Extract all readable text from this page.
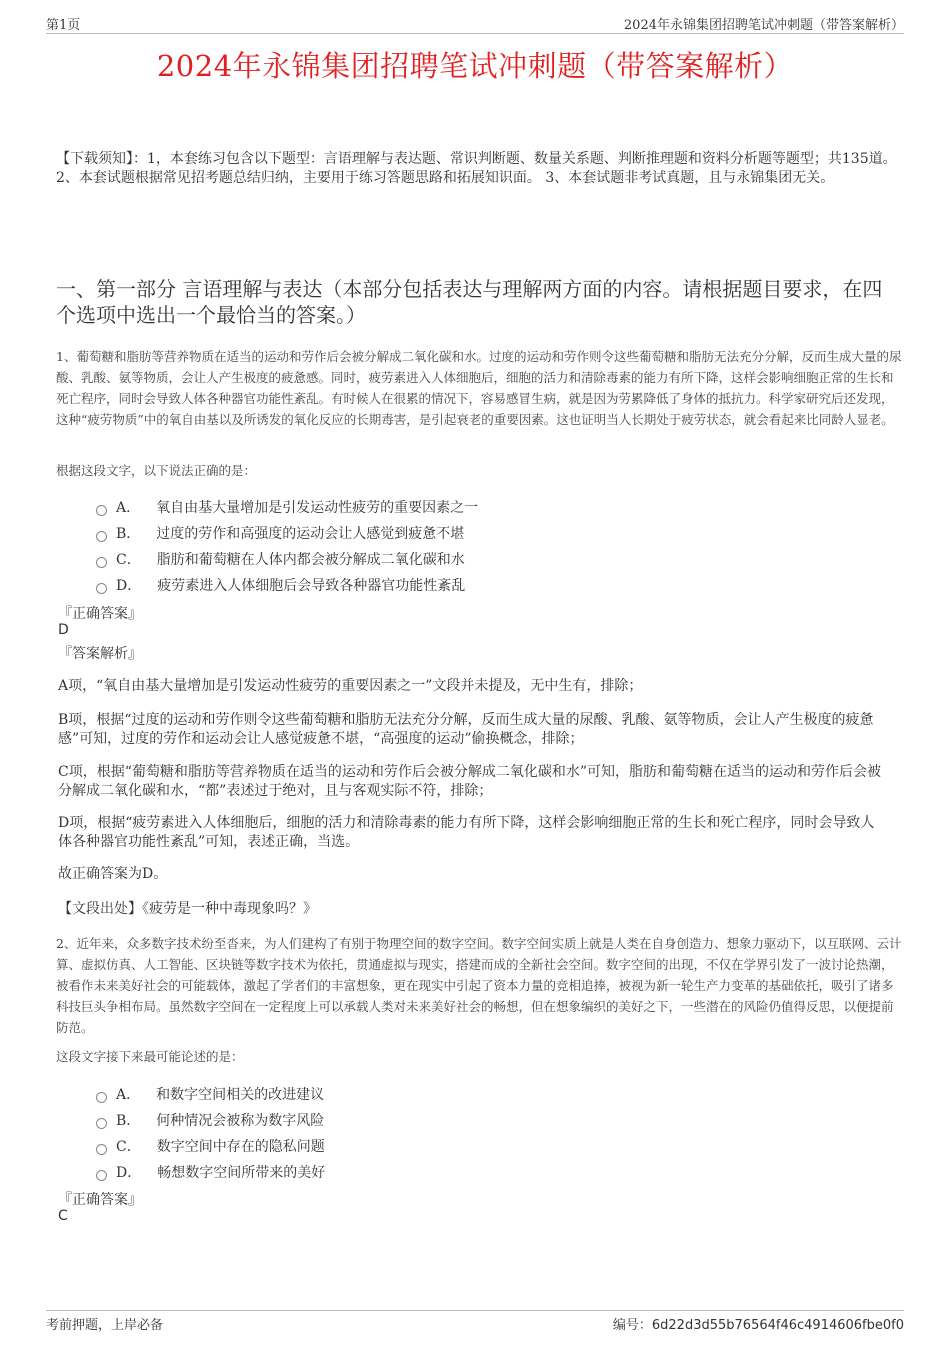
第1页	2024年永锦集团招聘笔试冲刺题（带答案解析）
2024年永锦集团招聘笔试冲刺题（带答案解析）
【下载须知】：1，本套练习包含以下题型：言语理解与表达题、常识判断题、数量关系题、判断推理题和资料分析题等题型；共135道。 2、本套试题根据常见招考题总结归纳，主要用于练习答题思路和拓展知识面。 3、本套试题非考试真题，且与永锦集团无关。
一、第一部分 言语理解与表达（本部分包括表达与理解两方面的内容。请根据题目要求，在四个选项中选出一个最恰当的答案。）
1、葡萄糖和脂肪等营养物质在适当的运动和劳作后会被分解成二氧化碳和水。过度的运动和劳作则令这些葡萄糖和脂肪无法充分分解，反而生成大量的尿酸、乳酸、氨等物质，会让人产生极度的疲惫感。同时，疲劳素进入人体细胞后，细胞的活力和清除毒素的能力有所下降，这样会影响细胞正常的生长和死亡程序，同时会导致人体各种器官功能性紊乱。有时候人在很累的情况下，容易感冒生病，就是因为劳累降低了身体的抵抗力。科学家研究后还发现，这种“疲劳物质”中的氧自由基以及所诱发的氧化反应的长期毒害，是引起衰老的重要因素。这也证明当人长期处于疲劳状态，就会看起来比同龄人显老。
根据这段文字，以下说法正确的是：
A． 氧自由基大量增加是引发运动性疲劳的重要因素之一
B． 过度的劳作和高强度的运动会让人感觉到疲惫不堪
C． 脂肪和葡萄糖在人体内都会被分解成二氧化碳和水
D． 疲劳素进入人体细胞后会导致各种器官功能性紊乱
『正确答案』
D
『答案解析』
A项，“氧自由基大量增加是引发运动性疲劳的重要因素之一”文段并未提及，无中生有，排除；
B项，根据“过度的运动和劳作则令这些葡萄糖和脂肪无法充分分解，反而生成大量的尿酸、乳酸、氨等物质，会让人产生极度的疲惫感”可知，过度的劳作和运动会让人感觉疲惫不堪，“高强度的运动”偷换概念，排除；
C项，根据“葡萄糖和脂肪等营养物质在适当的运动和劳作后会被分解成二氧化碳和水”可知，脂肪和葡萄糖在适当的运动和劳作后会被分解成二氧化碳和水，“都”表述过于绝对，且与客观实际不符，排除；
D项，根据“疲劳素进入人体细胞后，细胞的活力和清除毒素的能力有所下降，这样会影响细胞正常的生长和死亡程序，同时会导致人体各种器官功能性紊乱”可知，表述正确，当选。
故正确答案为D。
【文段出处】《疲劳是一种中毒现象吗？》
2、近年来，众多数字技术纷至沓来，为人们建构了有别于物理空间的数字空间。数字空间实质上就是人类在自身创造力、想象力驱动下，以互联网、云计算、虚拟仿真、人工智能、区块链等数字技术为依托，贯通虚拟与现实，搭建而成的全新社会空间。数字空间的出现，不仅在学界引发了一波讨论热潮，被看作未来美好社会的可能载体，激起了学者们的丰富想象，更在现实中引起了资本力量的竞相追捧，被视为新一轮生产力变革的基础依托，吸引了诸多科技巨头争相布局。虽然数字空间在一定程度上可以承载人类对未来美好社会的畅想，但在想象编织的美好之下，一些潜在的风险仍值得反思，以便提前防范。
这段文字接下来最可能论述的是：
A． 和数字空间相关的改进建议
B． 何种情况会被称为数字风险
C． 数字空间中存在的隐私问题
D． 畅想数字空间所带来的美好
『正确答案』
C
考前押题，上岸必备	编号：6d22d3d55b76564f46c4914606fbe0f0
